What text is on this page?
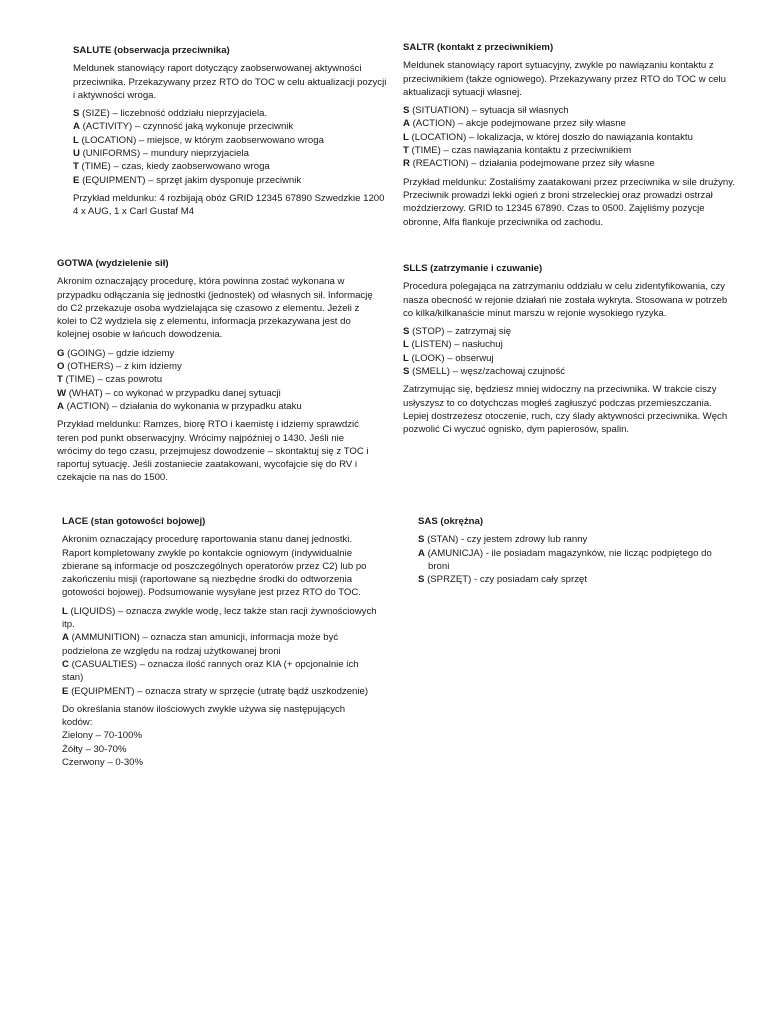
SALUTE (obserwacja przeciwnika)

Meldunek stanowiący raport dotyczący zaobserwowanej aktywności przeciwnika. Przekazywany przez RTO do TOC w celu aktualizacji pozycji i aktywności wroga.

S (SIZE) – liczebność oddziału nieprzyjaciela.
A (ACTIVITY) – czynność jaką wykonuje przeciwnik
L (LOCATION) – miejsce, w którym zaobserwowano wroga
U (UNIFORMS) – mundury nieprzyjaciela
T (TIME) – czas, kiedy zaobserwowano wroga
E (EQUIPMENT) – sprzęt jakim dysponuje przeciwnik

Przykład meldunku: 4 rozbijają obóz GRID 12345 67890 Szwedzkie 1200 4 x AUG, 1 x Carl Gustaf M4

SALTR (kontakt z przeciwnikiem)

Meldunek stanowiący raport sytuacyjny, zwykle po nawiązaniu kontaktu z przeciwnikiem (także ogniowego). Przekazywany przez RTO do TOC w celu aktualizacji sytuacji własnej.

S (SITUATION) – sytuacja sił własnych
A (ACTION) – akcje podejmowane przez siły własne
L (LOCATION) – lokalizacja, w której doszło do nawiązania kontaktu
T (TIME) – czas nawiązania kontaktu z przeciwnikiem
R (REACTION) – działania podejmowane przez siły własne

Przykład meldunku: Zostaliśmy zaatakowani przez przeciwnika w sile drużyny. Przeciwnik prowadzi lekki ogień z broni strzeleckiej oraz prowadzi ostrzał moździerzowy. GRID to 12345 67890. Czas to 0500. Zajęliśmy pozycje obronne, Alfa flankuje przeciwnika od zachodu.

GOTWA (wydzielenie sił)

Akronim oznaczający procedurę, która powinna zostać wykonana w przypadku odłączania się jednostki (jednostek) od własnych sił. Informację do C2 przekazuje osoba wydzielająca się czasowo z elementu. Jeżeli z kolei to C2 wydziela się z elementu, informacja przekazywana jest do kolejnej osobie w łańcuch dowodzenia.

G (GOING) – gdzie idziemy
O (OTHERS) – z kim idziemy
T (TIME) – czas powrotu
W (WHAT) – co wykonać w przypadku danej sytuacji
A (ACTION) – działania do wykonania w przypadku ataku

Przykład meldunku: Ramzes, biorę RTO i kaemistę i idziemy sprawdzić teren pod punkt obserwacyjny. Wrócimy najpóźniej o 1430. Jeśli nie wrócimy do tego czasu, przejmujesz dowodzenie – skontaktuj się z TOC i raportuj sytuację. Jeśli zostaniecie zaatakowani, wycofajcie się do RV i czekajcie na nas do 1500.

SLLS (zatrzymanie i czuwanie)

Procedura polegająca na zatrzymaniu oddziału w celu zidentyfikowania, czy nasza obecność w rejonie działań nie została wykryta. Stosowana w potrzeb co kilka/kilkanaście minut marszu w rejonie wysokiego ryzyka.

S (STOP) – zatrzymaj się
L (LISTEN) – nasłuchuj
L (LOOK) – obserwuj
S (SMELL) – węsz/zachowaj czujność

Zatrzymując się, będziesz mniej widoczny na przeciwnika. W trakcie ciszy usłyszysz to co dotychczas mogłeś zagłuszyć podczas przemieszczania. Lepiej dostrzeżesz otoczenie, ruch, czy ślady aktywności przeciwnika. Węch pozwolić Ci wyczuć ognisko, dym papierosów, spalin.

LACE (stan gotowości bojowej)

Akronim oznaczający procedurę raportowania stanu danej jednostki. Raport kompletowany zwykle po kontakcie ogniowym (indywidualnie zbierane są informacje od poszczególnych operatorów przez C2) lub po zakończeniu misji (raportowane są niezbędne środki do odtworzenia gotowości bojowej). Podsumowanie wysyłane jest przez RTO do TOC.

L (LIQUIDS) – oznacza zwykle wodę, lecz także stan racji żywnościowych itp.
A (AMMUNITION) – oznacza stan amunicji, informacja może być podzielona ze względu na rodzaj użytkowanej broni
C (CASUALTIES) – oznacza ilość rannych oraz KIA (+ opcjonalnie ich stan)
E (EQUIPMENT) – oznacza straty w sprzęcie (utratę bądź uszkodzenie)

Do określania stanów ilościowych zwykle używa się następujących kodów:

Zielony – 70-100%
Żółty – 30-70%
Czerwony – 0-30%
SAS (okrężna)
S (STAN) - czy jestem zdrowy lub ranny
A (AMUNICJA) - ile posiadam magazynków, nie licząc podpiętego do broni
S (SPRZĘT) - czy posiadam cały sprzęt
